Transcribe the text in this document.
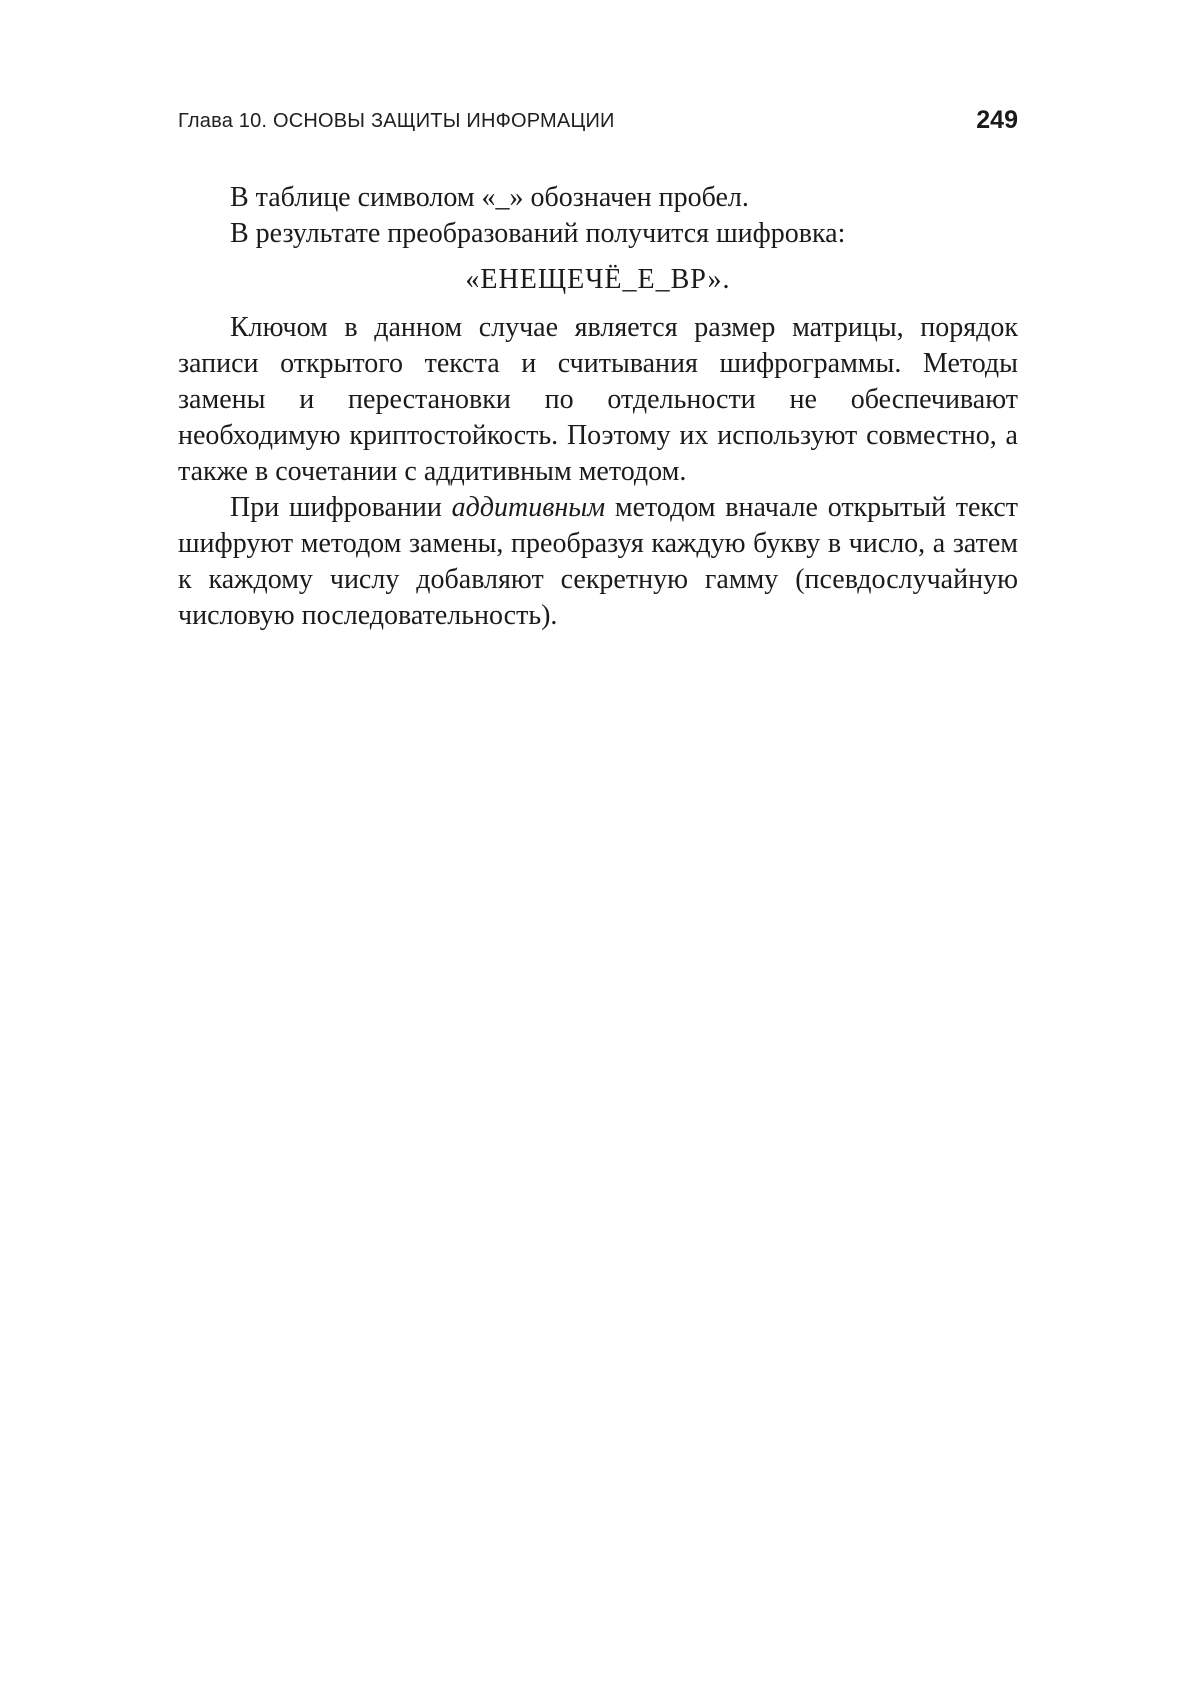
Глава 10. ОСНОВЫ ЗАЩИТЫ ИНФОРМАЦИИ	249

В таблице символом «_» обозначен пробел.

В результате преобразований получится шифровка:

«ЕНЕЩЕЧЁ_Е_ВР».

Ключом в данном случае является размер матрицы, порядок записи открытого текста и считывания шифрограммы. Методы замены и перестановки по отдельности не обеспечивают необходимую криптостойкость. Поэтому их используют совместно, а также в сочетании с аддитивным методом.

При шифровании аддитивным методом вначале открытый текст шифруют методом замены, преобразуя каждую букву в число, а затем к каждому числу добавляют секретную гамму (псевдослучайную числовую последовательность).
